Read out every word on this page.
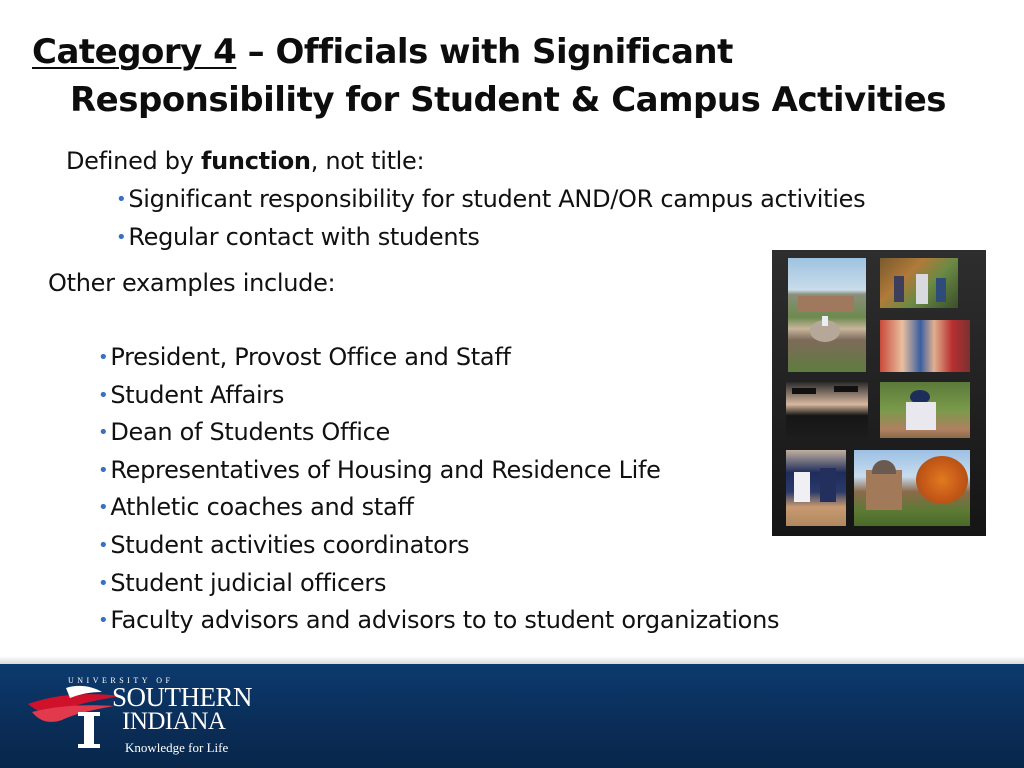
Category 4 – Officials with Significant
Responsibility for Student & Campus Activities
Defined by function, not title:
•Significant responsibility for student AND/OR campus activities
•Regular contact with students
Other examples include:
•President, Provost Office and Staff
•Student Affairs
•Dean of Students Office
•Representatives of Housing and Residence Life
•Athletic coaches and staff
•Student activities coordinators
•Student judicial officers
•Faculty advisors and advisors to to student organizations
UNIVERSITY OF
SOUTHERN
INDIANA
Knowledge for Life
